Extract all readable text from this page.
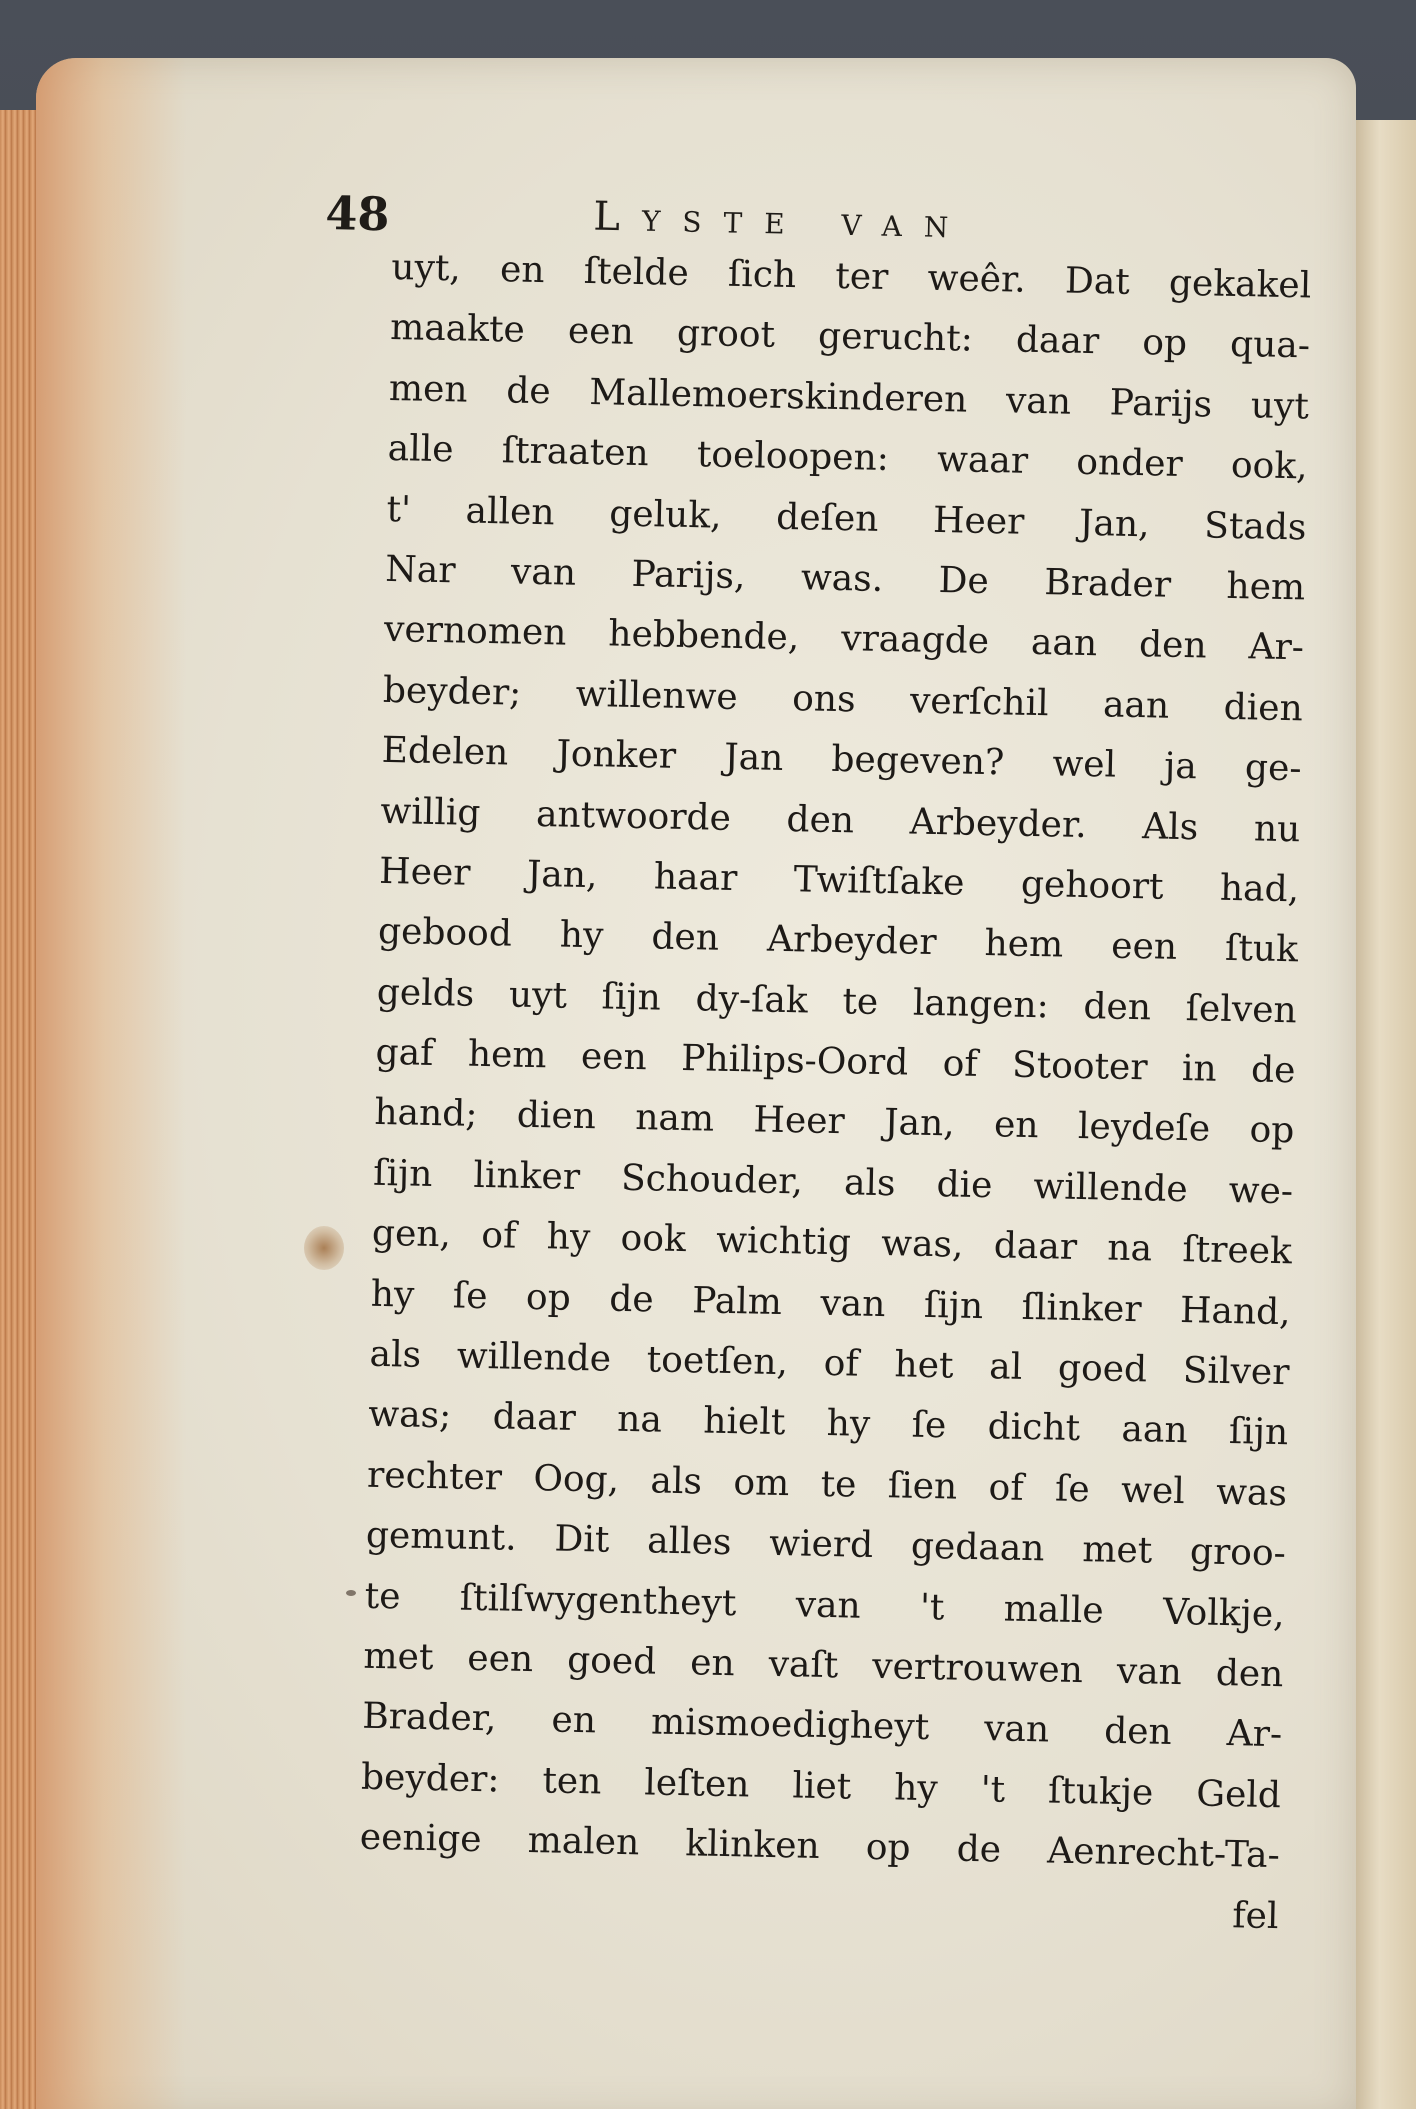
48	Lyste van
uyt, en ſtelde ſich ter weêr. Dat gekakel
maakte een groot gerucht: daar op qua-
men de Mallemoerskinderen van Parijs uyt
alle ſtraaten toeloopen: waar onder ook,
t' allen geluk, deſen Heer Jan, Stads
Nar van Parijs, was. De Brader hem
vernomen hebbende, vraagde aan den Ar-
beyder; willenwe ons verſchil aan dien
Edelen Jonker Jan begeven? wel ja ge-
willig antwoorde den Arbeyder. Als nu
Heer Jan, haar Twiſtſake gehoort had,
gebood hy den Arbeyder hem een ſtuk
gelds uyt ſijn dy-ſak te langen: den ſelven
gaf hem een Philips-Oord of Stooter in de
hand; dien nam Heer Jan, en leydeſe op
ſijn linker Schouder, als die willende we-
gen, of hy ook wichtig was, daar na ſtreek
hy ſe op de Palm van ſijn ſlinker Hand,
als willende toetſen, of het al goed Silver
was; daar na hielt hy ſe dicht aan ſijn
rechter Oog, als om te ſien of ſe wel was
gemunt. Dit alles wierd gedaan met groo-
te ſtilſwygentheyt van 't malle Volkje,
met een goed en vaſt vertrouwen van den
Brader, en mismoedigheyt van den Ar-
beyder: ten leſten liet hy 't ſtukje Geld
eenige malen klinken op de Aenrecht-Ta-
fel
